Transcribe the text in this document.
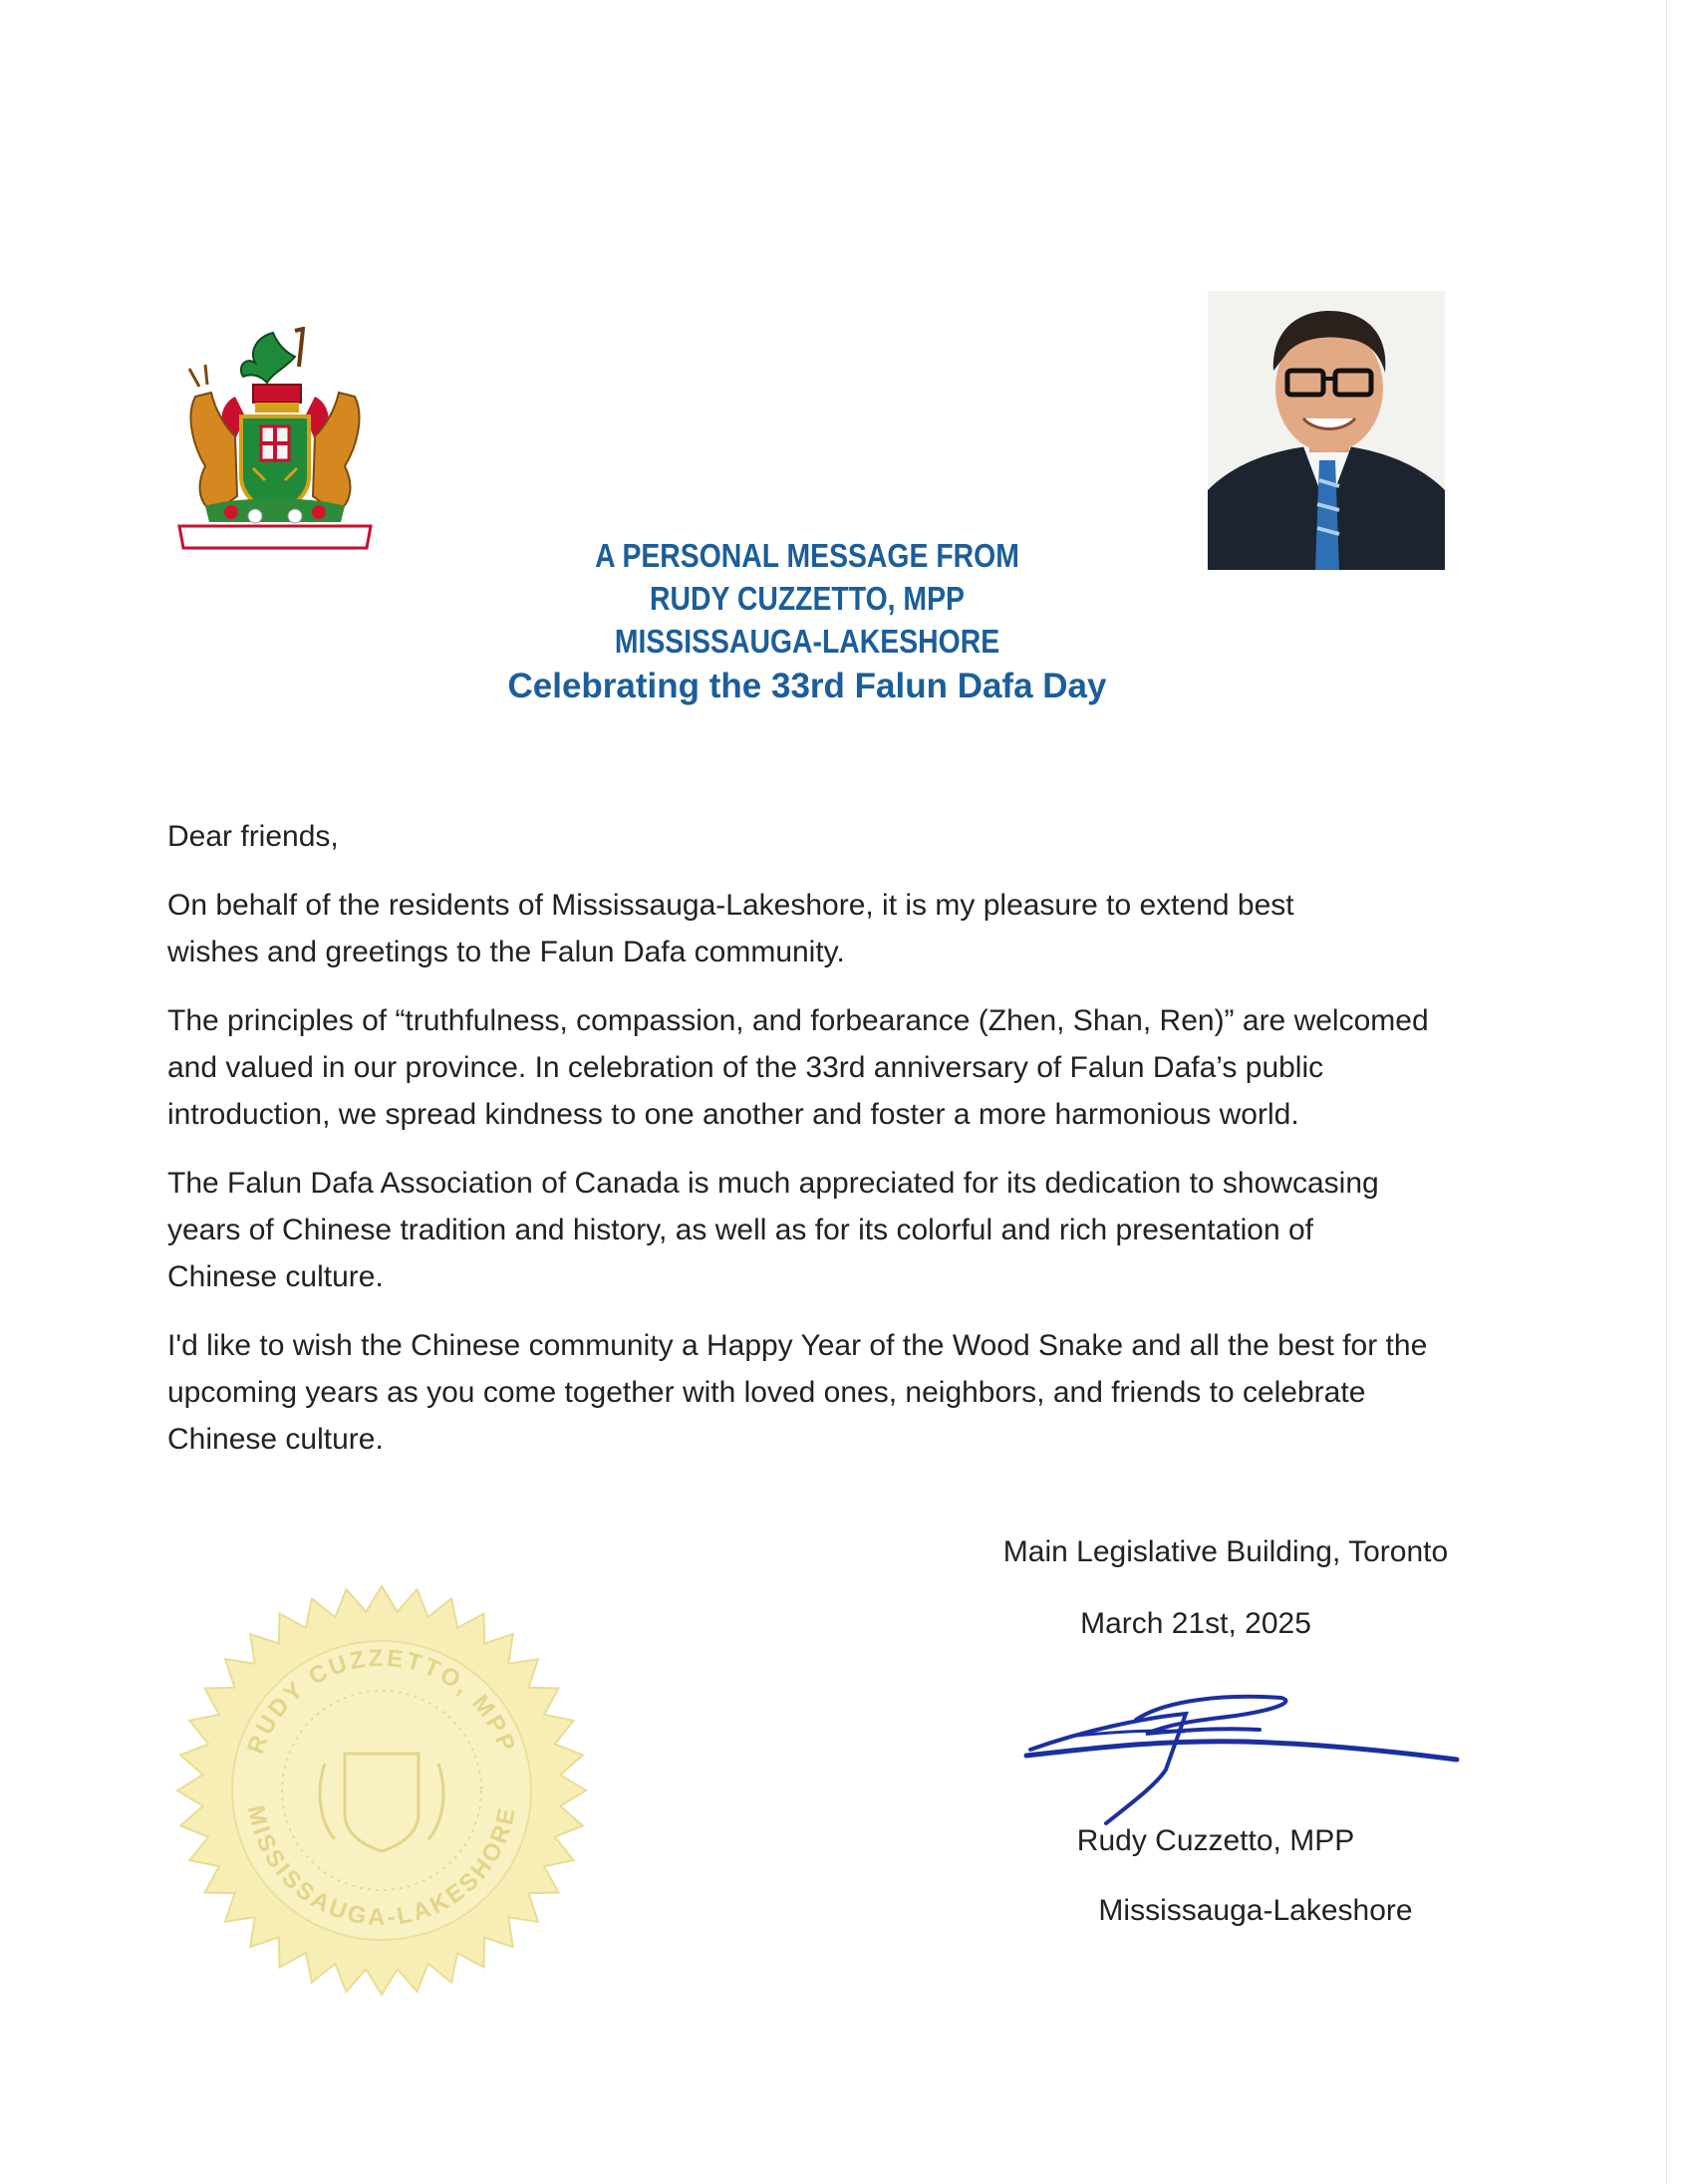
A PERSONAL MESSAGE FROM
RUDY CUZZETTO, MPP
MISSISSAUGA-LAKESHORE
Celebrating the 33rd Falun Dafa Day

Dear friends,

On behalf of the residents of Mississauga-Lakeshore, it is my pleasure to extend best wishes and greetings to the Falun Dafa community.

The principles of “truthfulness, compassion, and forbearance (Zhen, Shan, Ren)” are welcomed and valued in our province. In celebration of the 33rd anniversary of Falun Dafa’s public introduction, we spread kindness to one another and foster a more harmonious world.

The Falun Dafa Association of Canada is much appreciated for its dedication to showcasing years of Chinese tradition and history, as well as for its colorful and rich presentation of Chinese culture.

I'd like to wish the Chinese community a Happy Year of the Wood Snake and all the best for the upcoming years as you come together with loved ones, neighbors, and friends to celebrate Chinese culture.

Main Legislative Building, Toronto
March 21st, 2025
Rudy Cuzzetto, MPP
Mississauga-Lakeshore
RUDY CUZZETTO, MPP
MISSISSAUGA-LAKESHORE
